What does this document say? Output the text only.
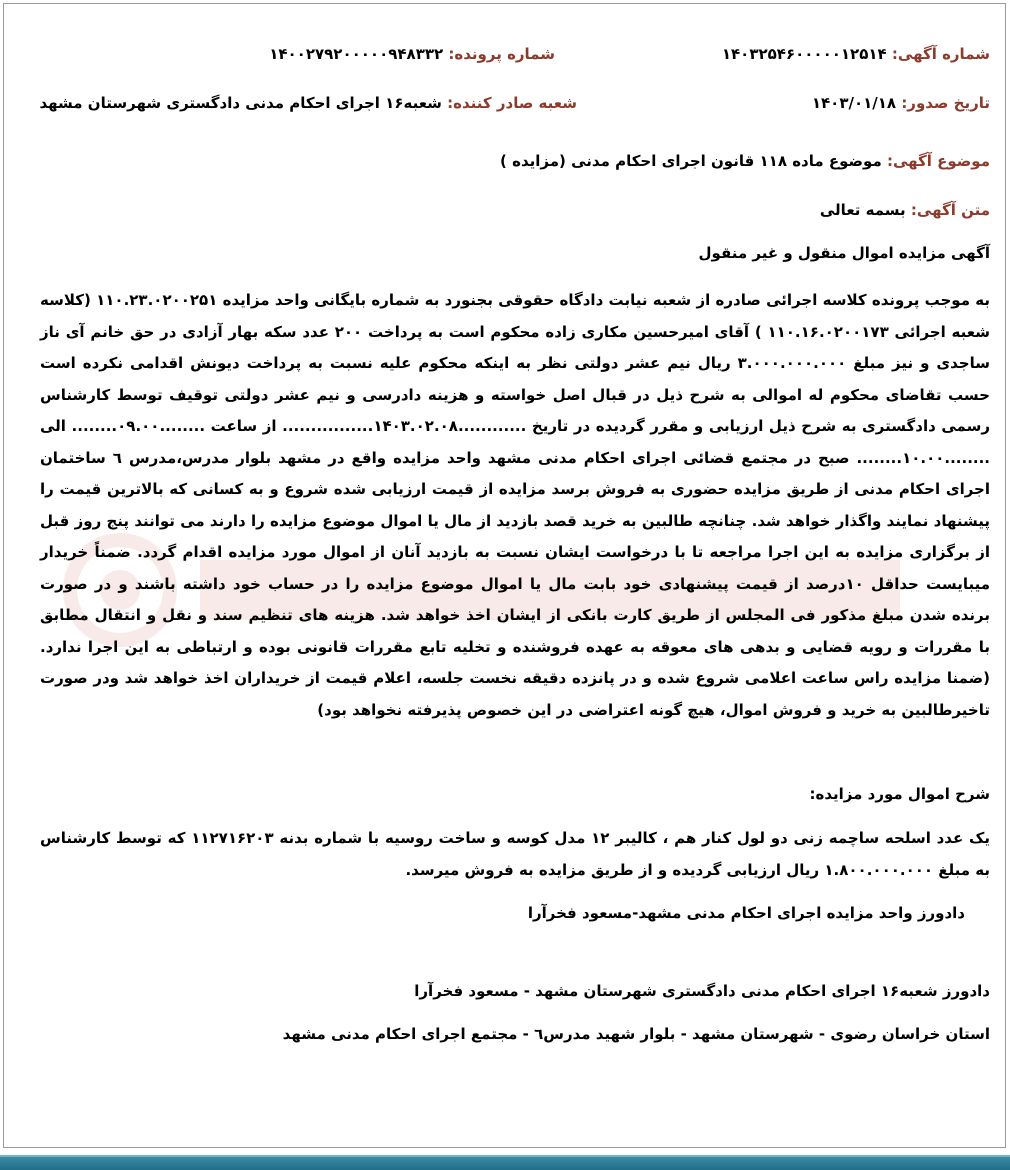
شماره آگهی: ۱۴۰۳۲۵۴۶۰۰۰۰۰۱۲۵۱۴
شماره پرونده: ۱۴۰۰۲۷۹۲۰۰۰۰۰۹۴۸۳۳۲
تاریخ صدور: ۱۴۰۳/۰۱/۱۸
شعبه صادر کننده: شعبه۱۶ اجرای احکام مدنی دادگستری شهرستان مشهد
موضوع آگهی: موضوع ماده ۱۱۸ قانون اجرای احکام مدنی (مزایده )
متن آگهی: بسمه تعالی
آگهی مزایده اموال منقول و غیر منقول
به موجب پرونده کلاسه اجرائی صادره از شعبه نیابت دادگاه حقوقی بجنورد به شماره بایگانی واحد مزایده ۱۱۰.۲۳.۰۲۰۰۲۵۱ (کلاسه شعبه اجرائی ۱۱۰.۱۶.۰۲۰۰۱۷۳ ) آقای امیرحسین مکاری زاده محکوم است به پرداخت ۲۰۰ عدد سکه بهار آزادی در حق خانم آی ناز ساجدی و نیز مبلغ ۳.۰۰۰.۰۰۰.۰۰۰ ریال نیم عشر دولتی نظر به اینکه محکوم علیه نسبت به پرداخت دیونش اقدامی نکرده است حسب تقاضای محکوم له اموالی به شرح ذیل در قبال اصل خواسته و هزینه دادرسی و نیم عشر دولتی توقیف توسط کارشناس رسمی دادگستری به شرح ذیل ارزیابی و مقرر گردیده در تاریخ ............۱۴۰۳.۰۲.۰۸................ از ساعت ........۰۹.۰۰........ الی ........۱۰.۰۰........ صبح در مجتمع قضائی اجرای احکام مدنی مشهد واحد مزایده واقع در مشهد بلوار مدرس،مدرس ٦ ساختمان اجرای احکام مدنی از طریق مزایده حضوری به فروش برسد مزایده از قیمت ارزیابی شده شروع و به کسانی که بالاترین قیمت را پیشنهاد نمایند واگذار خواهد شد. چنانچه طالبین به خرید قصد بازدید از مال یا اموال موضوع مزایده را دارند می توانند پنج روز قبل از برگزاری مزایده به این اجرا مراجعه تا با درخواست ایشان نسبت به بازدید آنان از اموال مورد مزایده اقدام گردد. ضمناً خریدار میبایست حداقل ۱۰درصد از قیمت پیشنهادی خود بابت مال یا اموال موضوع مزایده را در حساب خود داشته باشند و در صورت برنده شدن مبلغ مذکور فی المجلس از طریق کارت بانکی از ایشان اخذ خواهد شد. هزینه های تنظیم سند و نقل و انتقال مطابق با مقررات و رویه قضایی و بدهی های معوقه به عهده فروشنده و تخلیه تابع مقررات قانونی بوده و ارتباطی به این اجرا ندارد. (ضمنا مزایده راس ساعت اعلامی شروع شده و در پانزده دقیقه نخست جلسه، اعلام قیمت از خریداران اخذ خواهد شد ودر صورت تاخیرطالبین به خرید و فروش اموال، هیچ گونه اعتراضی در این خصوص پذیرفته نخواهد بود)
شرح اموال مورد مزایده:
یک عدد اسلحه ساچمه زنی دو لول کنار هم ، کالیبر ۱۲ مدل کوسه و ساخت روسیه با شماره بدنه ۱۱۲۷۱۶۲۰۳ که توسط کارشناس به مبلغ ۱.۸۰۰.۰۰۰.۰۰۰ ریال ارزیابی گردیده و از طریق مزایده به فروش میرسد.
دادورز واحد مزایده اجرای احکام مدنی مشهد-مسعود فخرآرا
دادورز شعبه۱۶ اجرای احکام مدنی دادگستری شهرستان مشهد - مسعود فخرآرا
استان خراسان رضوی - شهرستان مشهد - بلوار شهید مدرس٦ - مجتمع اجرای احکام مدنی مشهد
